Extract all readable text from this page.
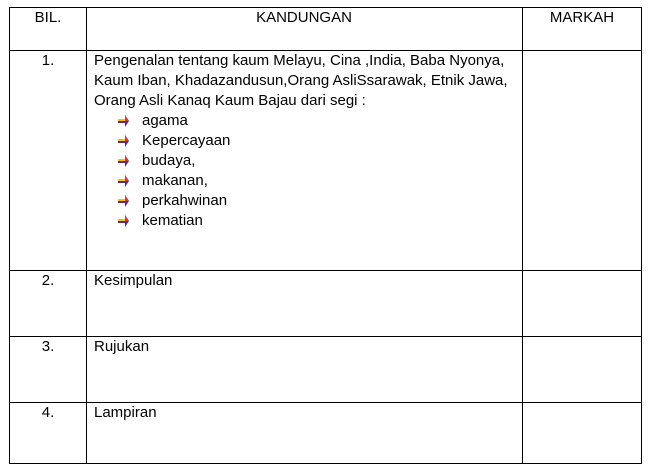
BIL.	KANDUNGAN	MARKAH
1.	Pengenalan tentang kaum Melayu, Cina ,India, Baba Nyonya, Kaum Iban, Khadazandusun,Orang AsliSsarawak, Etnik Jawa, Orang Asli Kanaq Kaum Bajau dari segi :
agama
Kepercayaan
budaya,
makanan,
perkahwinan
kematian
2.	Kesimpulan
3.	Rujukan
4.	Lampiran
